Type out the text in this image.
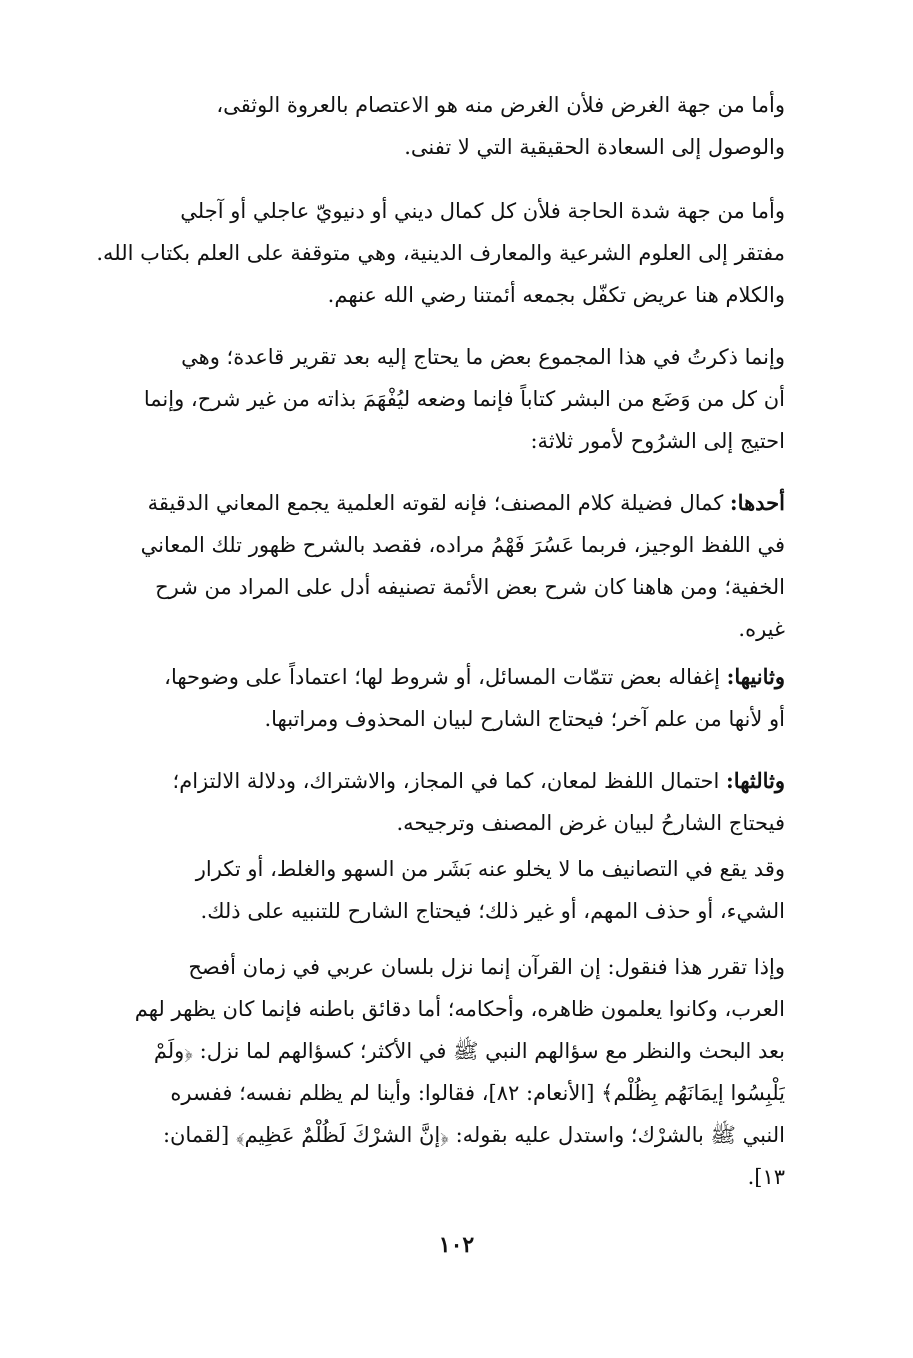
وأما من جهة الغرض فلأن الغرض منه هو الاعتصام بالعروة الوثقى،
والوصول إلى السعادة الحقيقية التي لا تفنى.
وأما من جهة شدة الحاجة فلأن كل كمال ديني أو دنيويّ عاجلي أو آجلي
مفتقر إلى العلوم الشرعية والمعارف الدينية، وهي متوقفة على العلم بكتاب الله.
والكلام هنا عريض تكفّل بجمعه أئمتنا رضي الله عنهم.
وإنما ذكرتُ في هذا المجموع بعض ما يحتاج إليه بعد تقرير قاعدة؛ وهي
أن كل من وَضَع من البشر كتاباً فإنما وضعه ليُفْهَمَ بذاته من غير شرح، وإنما
احتيج إلى الشرُوح لأمور ثلاثة:
أحدها: كمال فضيلة كلام المصنف؛ فإنه لقوته العلمية يجمع المعاني الدقيقة
في اللفظ الوجيز، فربما عَسُرَ فَهْمُ مراده، فقصد بالشرح ظهور تلك المعاني
الخفية؛ ومن هاهنا كان شرح بعض الأئمة تصنيفه أدل على المراد من شرح
غيره.
وثانيها: إغفاله بعض تتمّات المسائل، أو شروط لها؛ اعتماداً على وضوحها،
أو لأنها من علم آخر؛ فيحتاج الشارح لبيان المحذوف ومراتبها.
وثالثها: احتمال اللفظ لمعان، كما في المجاز، والاشتراك، ودلالة الالتزام؛
فيحتاج الشارحُ لبيان غرض المصنف وترجيحه.
وقد يقع في التصانيف ما لا يخلو عنه بَشَر من السهو والغلط، أو تكرار
الشيء، أو حذف المهم، أو غير ذلك؛ فيحتاج الشارح للتنبيه على ذلك.
وإذا تقرر هذا فنقول: إن القرآن إنما نزل بلسان عربي في زمان أفصح
العرب، وكانوا يعلمون ظاهره، وأحكامه؛ أما دقائق باطنه فإنما كان يظهر لهم
بعد البحث والنظر مع سؤالهم النبي ﷺ في الأكثر؛ كسؤالهم لما نزل: ﴿ولَمْ
يَلْبِسُوا إيمَانَهُم بِظُلْم﴾ [الأنعام: ٨٢]، فقالوا: وأينا لم يظلم نفسه؛ ففسره
النبي ﷺ بالشرْك؛ واستدل عليه بقوله: ﴿إنَّ الشرْكَ لَظُلْمٌ عَظِيم﴾ [لقمان:
١٣].
١٠٢
